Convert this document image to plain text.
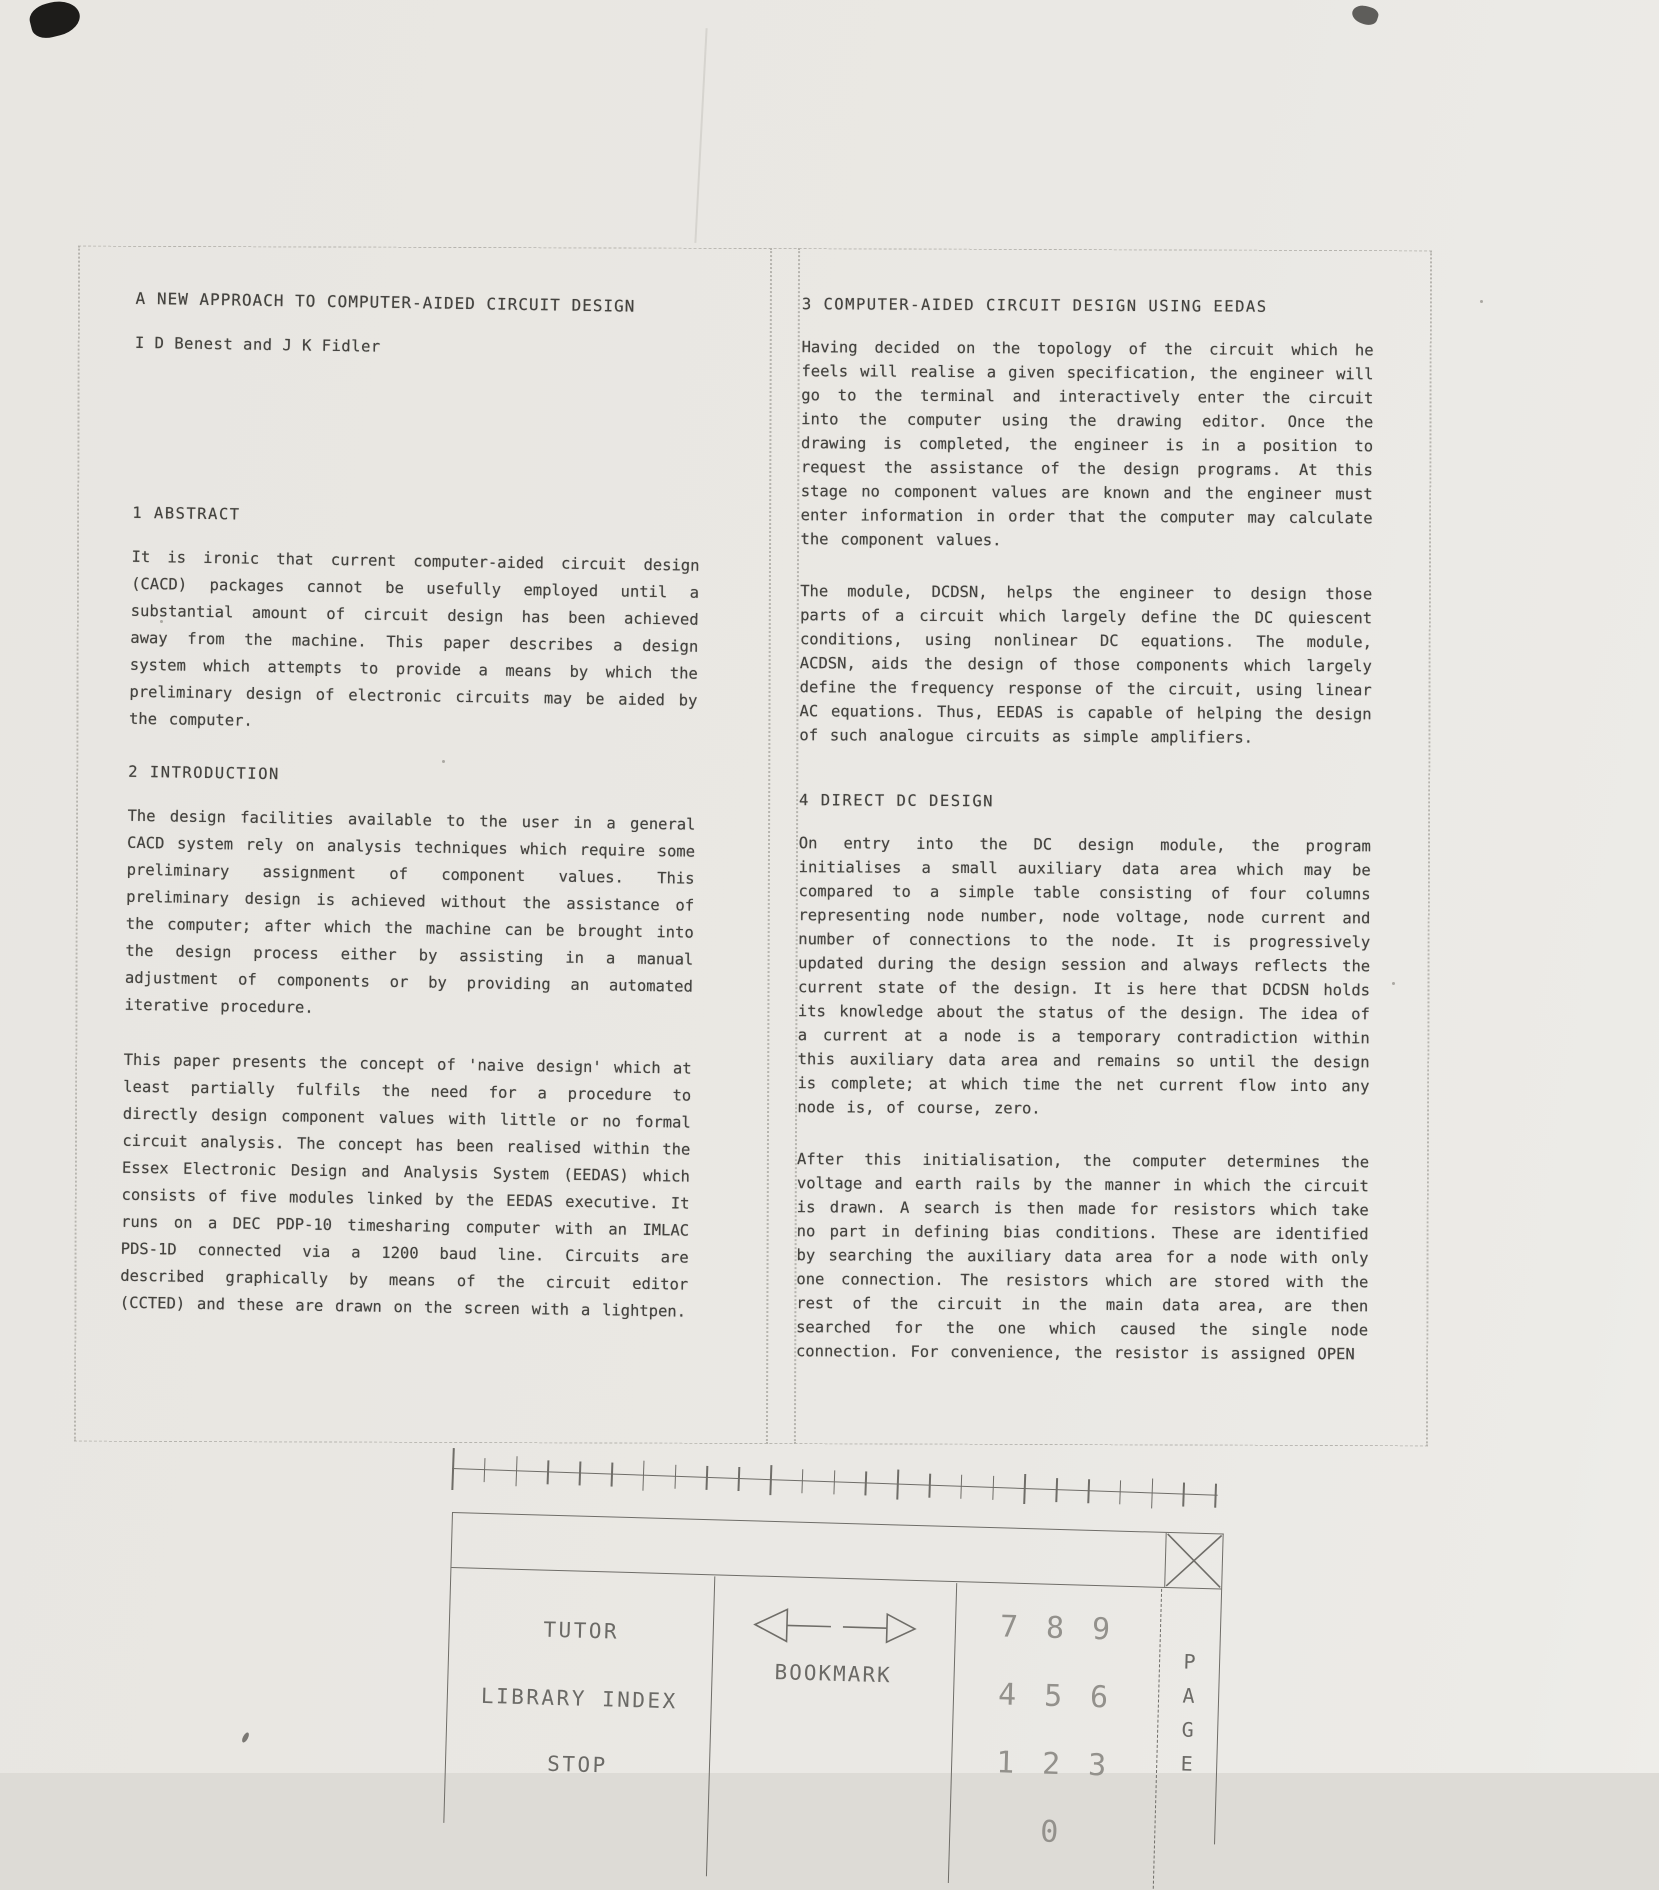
A NEW APPROACH TO COMPUTER-AIDED CIRCUIT DESIGN
I D Benest and J K Fidler
1 ABSTRACT

It is ironic that current computer-aided circuit design (CACD) packages cannot be usefully employed until a substantial amount of circuit design has been achieved away from the machine. This paper describes a design system which attempts to provide a means by which the preliminary design of electronic circuits may be aided by the computer.

2 INTRODUCTION

The design facilities available to the user in a general CACD system rely on analysis techniques which require some preliminary assignment of component values. This preliminary design is achieved without the assistance of the computer; after which the machine can be brought into the design process either by assisting in a manual adjustment of components or by providing an automated iterative procedure.

This paper presents the concept of 'naive design' which at least partially fulfils the need for a procedure to directly design component values with little or no formal circuit analysis. The concept has been realised within the Essex Electronic Design and Analysis System (EEDAS) which consists of five modules linked by the EEDAS executive. It runs on a DEC PDP-10 timesharing computer with an IMLAC PDS-1D connected via a 1200 baud line. Circuits are described graphically by means of the circuit editor (CCTED) and these are drawn on the screen with a lightpen.

3 COMPUTER-AIDED CIRCUIT DESIGN USING EEDAS

Having decided on the topology of the circuit which he feels will realise a given specification, the engineer will go to the terminal and interactively enter the circuit into the computer using the drawing editor. Once the drawing is completed, the engineer is in a position to request the assistance of the design programs. At this stage no component values are known and the engineer must enter information in order that the computer may calculate the component values.

The module, DCDSN, helps the engineer to design those parts of a circuit which largely define the DC quiescent conditions, using nonlinear DC equations. The module, ACDSN, aids the design of those components which largely define the frequency response of the circuit, using linear AC equations. Thus, EEDAS is capable of helping the design of such analogue circuits as simple amplifiers.

4 DIRECT DC DESIGN

On entry into the DC design module, the program initialises a small auxiliary data area which may be compared to a simple table consisting of four columns representing node number, node voltage, node current and number of connections to the node. It is progressively updated during the design session and always reflects the current state of the design. It is here that DCDSN holds its knowledge about the status of the design. The idea of a current at a node is a temporary contradiction within this auxiliary data area and remains so until the design is complete; at which time the net current flow into any node is, of course, zero.

After this initialisation, the computer determines the voltage and earth rails by the manner in which the circuit is drawn. A search is then made for resistors which take no part in defining bias conditions. These are identified by searching the auxiliary data area for a node with only one connection. The resistors which are stored with the rest of the circuit in the main data area, are then searched for the one which caused the single node connection. For convenience, the resistor is assigned OPEN

TUTOR
LIBRARY INDEX
STOP
BOOKMARK
7 8 9
4 5 6
1 2 3
0
P
A
G
E
